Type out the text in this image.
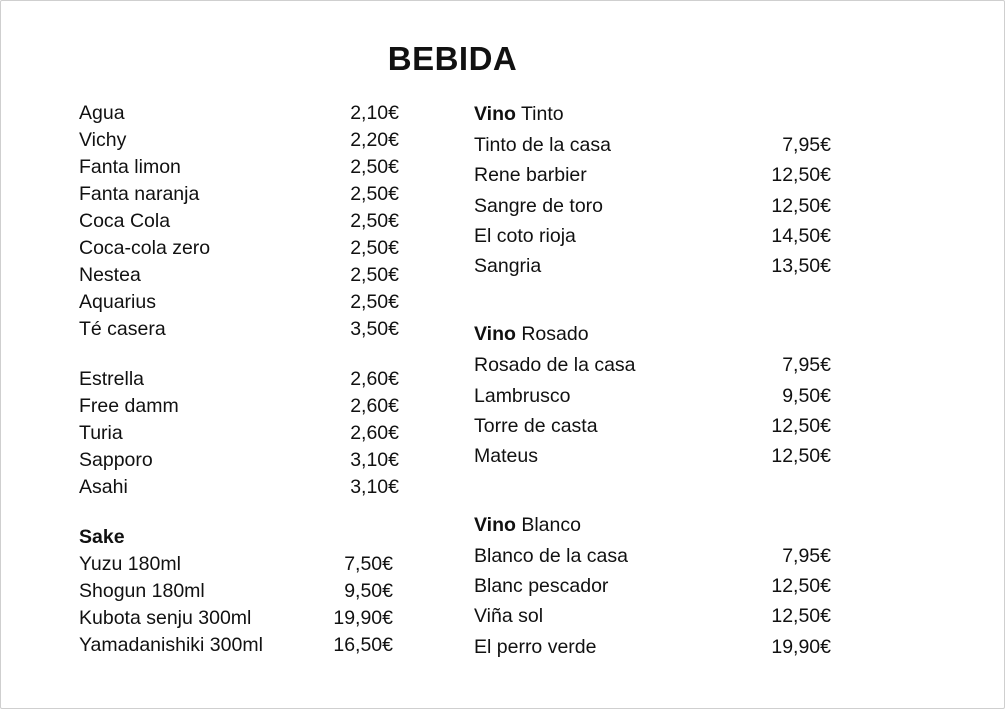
BEBIDA
Agua	2,10€
Vichy	2,20€
Fanta limon	2,50€
Fanta naranja	2,50€
Coca Cola	2,50€
Coca-cola zero	2,50€
Nestea	2,50€
Aquarius	2,50€
Té casera	3,50€
Estrella	2,60€
Free damm	2,60€
Turia	2,60€
Sapporo	3,10€
Asahi	3,10€
Sake
Yuzu 180ml	7,50€
Shogun 180ml	9,50€
Kubota senju 300ml	19,90€
Yamadanishiki 300ml	16,50€
Vino Tinto
Tinto de la casa	7,95€
Rene barbier	12,50€
Sangre de toro	12,50€
El coto rioja	14,50€
Sangria	13,50€
Vino Rosado
Rosado de la casa	7,95€
Lambrusco	9,50€
Torre de casta	12,50€
Mateus	12,50€
Vino Blanco
Blanco de la casa	7,95€
Blanc pescador	12,50€
Viña sol	12,50€
El perro verde	19,90€
